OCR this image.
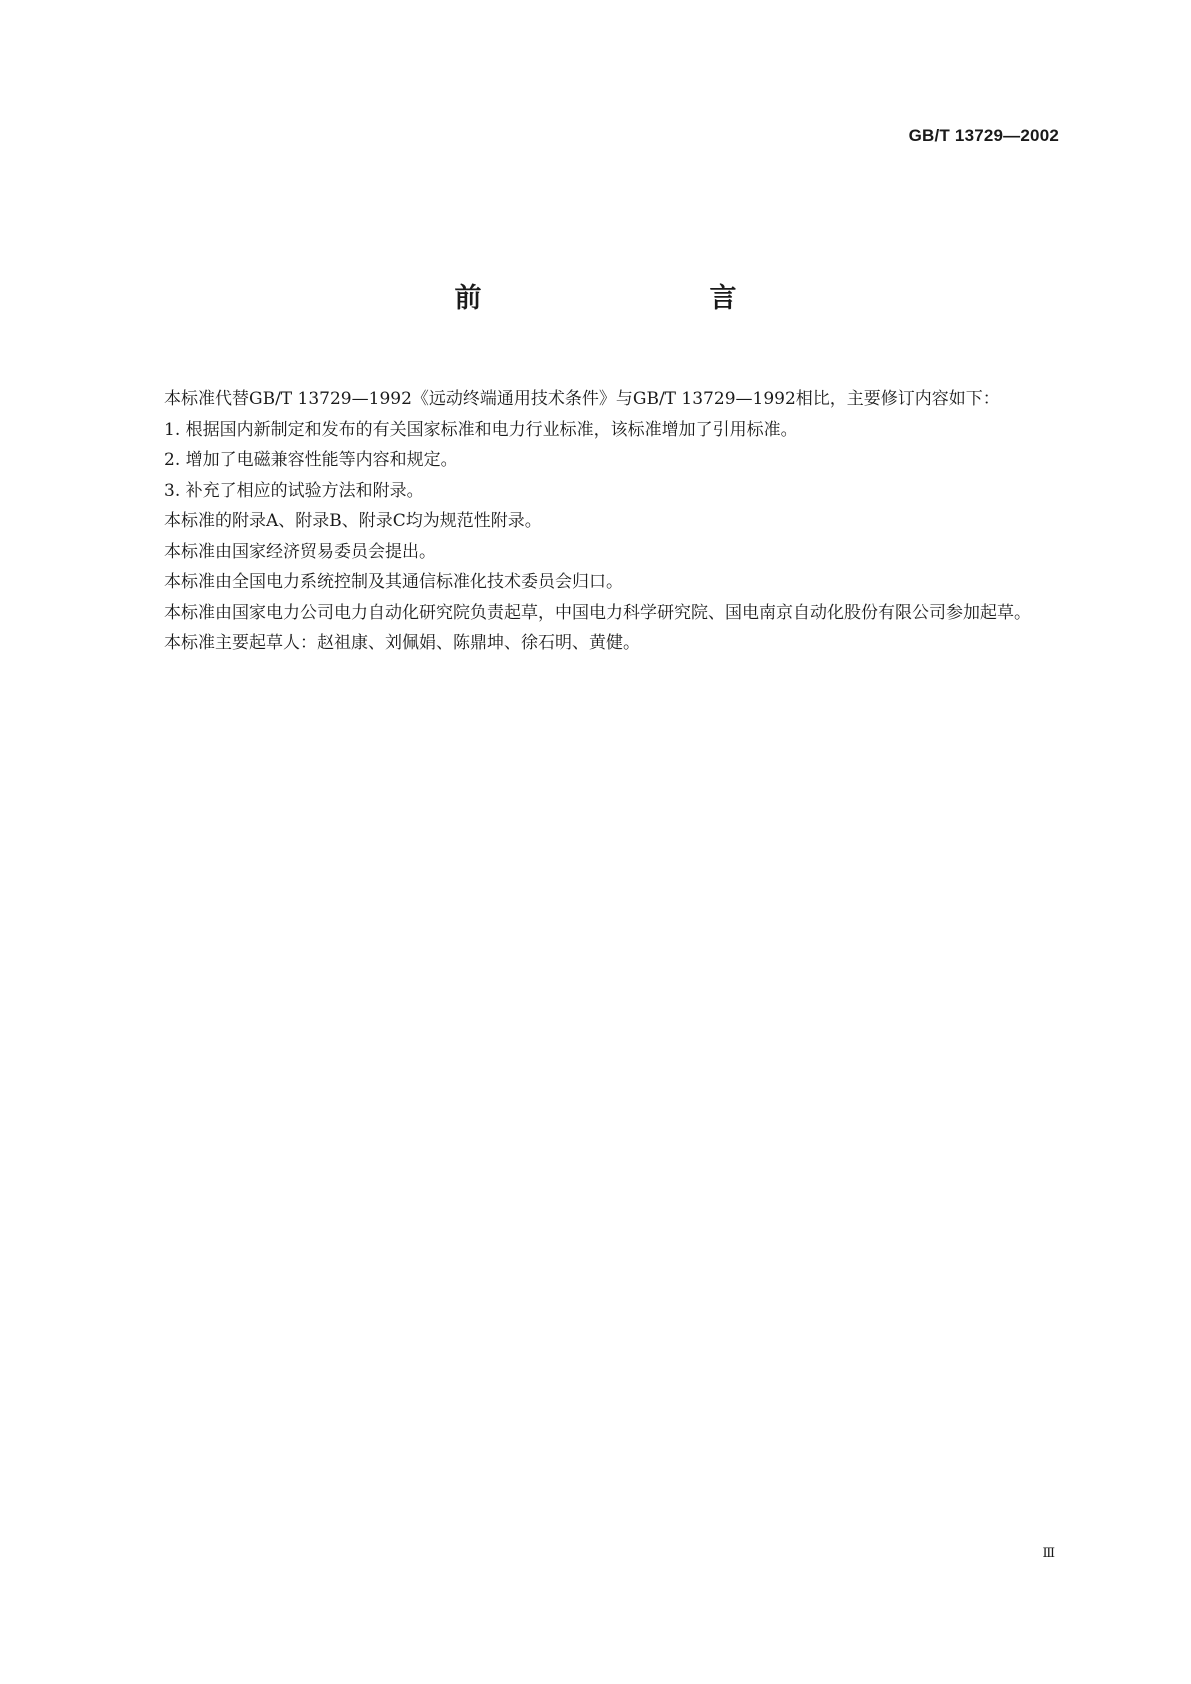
GB/T 13729—2002
前　　言

本标准代替GB/T 13729—1992《远动终端通用技术条件》与GB/T 13729—1992相比，主要修订内容如下：

1. 根据国内新制定和发布的有关国家标准和电力行业标准，该标准增加了引用标准。

2. 增加了电磁兼容性能等内容和规定。

3. 补充了相应的试验方法和附录。

本标准的附录A、附录B、附录C均为规范性附录。

本标准由国家经济贸易委员会提出。

本标准由全国电力系统控制及其通信标准化技术委员会归口。

本标准由国家电力公司电力自动化研究院负责起草，中国电力科学研究院、国电南京自动化股份有限公司参加起草。

本标准主要起草人：赵祖康、刘佩娟、陈鼎坤、徐石明、黄健。

Ⅲ
